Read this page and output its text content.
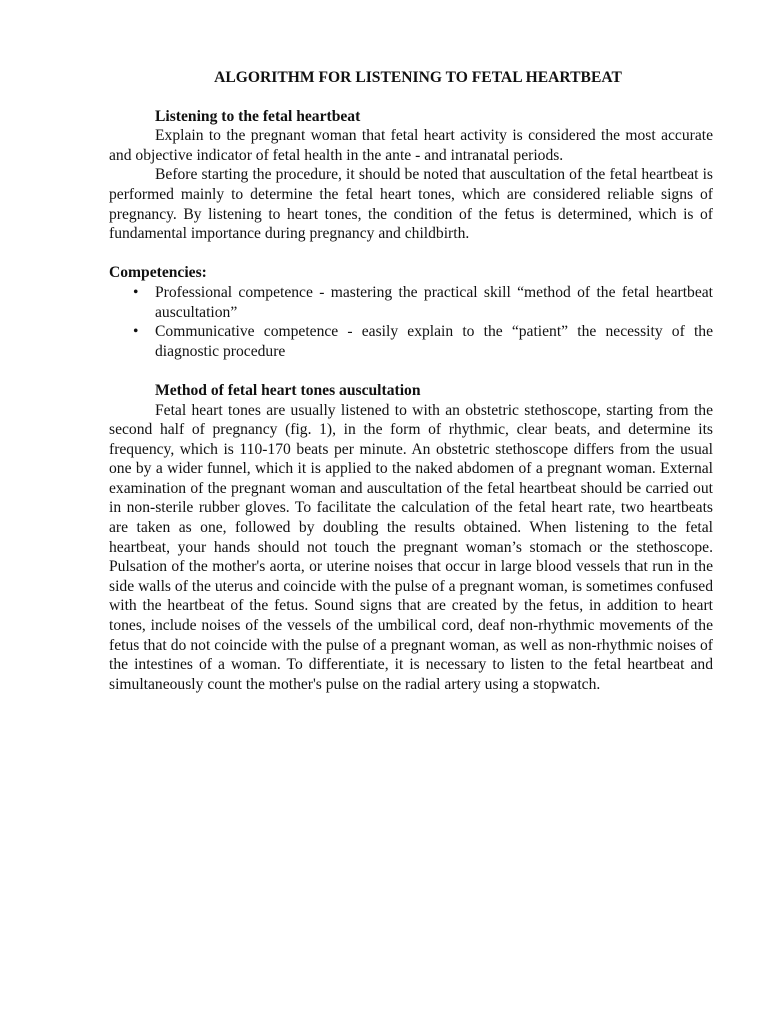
ALGORITHM FOR LISTENING TO FETAL HEARTBEAT
Listening to the fetal heartbeat

Explain to the pregnant woman that fetal heart activity is considered the most accurate and objective indicator of fetal health in the ante - and intranatal periods.

Before starting the procedure, it should be noted that auscultation of the fetal heartbeat is performed mainly to determine the fetal heart tones, which are considered reliable signs of pregnancy. By listening to heart tones, the condition of the fetus is determined, which is of fundamental importance during pregnancy and childbirth.

Competencies:
• Professional competence - mastering the practical skill “method of the fetal heartbeat auscultation”
• Communicative competence - easily explain to the “patient” the necessity of the diagnostic procedure
Method of fetal heart tones auscultation

Fetal heart tones are usually listened to with an obstetric stethoscope, starting from the second half of pregnancy (fig. 1), in the form of rhythmic, clear beats, and determine its frequency, which is 110-170 beats per minute. An obstetric stethoscope differs from the usual one by a wider funnel, which it is applied to the naked abdomen of a pregnant woman. External examination of the pregnant woman and auscultation of the fetal heartbeat should be carried out in non-sterile rubber gloves. To facilitate the calculation of the fetal heart rate, two heartbeats are taken as one, followed by doubling the results obtained. When listening to the fetal heartbeat, your hands should not touch the pregnant woman’s stomach or the stethoscope. Pulsation of the mother's aorta, or uterine noises that occur in large blood vessels that run in the side walls of the uterus and coincide with the pulse of a pregnant woman, is sometimes confused with the heartbeat of the fetus. Sound signs that are created by the fetus, in addition to heart tones, include noises of the vessels of the umbilical cord, deaf non-rhythmic movements of the fetus that do not coincide with the pulse of a pregnant woman, as well as non-rhythmic noises of the intestines of a woman. To differentiate, it is necessary to listen to the fetal heartbeat and simultaneously count the mother's pulse on the radial artery using a stopwatch.
